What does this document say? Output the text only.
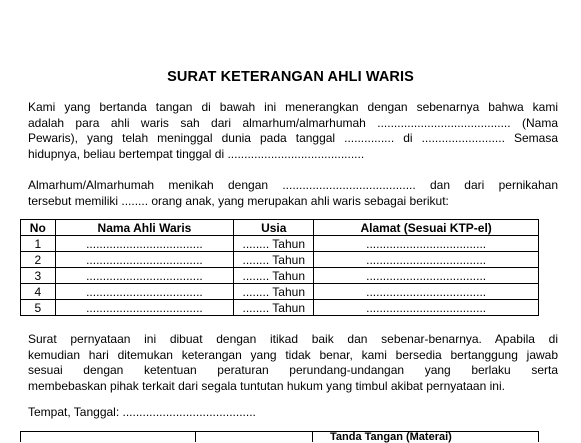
SURAT KETERANGAN AHLI WARIS
Kami yang bertanda tangan di bawah ini menerangkan dengan sebenarnya bahwa kami
adalah para ahli waris sah dari almarhum/almarhumah ........................................ (Nama
Pewaris), yang telah meninggal dunia pada tanggal ............... di ......................... Semasa
hidupnya, beliau bertempat tinggal di .........................................
Almarhum/Almarhumah menikah dengan ........................................ dan dari pernikahan
tersebut memiliki ........ orang anak, yang merupakan ahli waris sebagai berikut:
No	Nama Ahli Waris	Usia	Alamat (Sesuai KTP-el)
1	...................................	........ Tahun	....................................
2	...................................	........ Tahun	....................................
3	...................................	........ Tahun	....................................
4	...................................	........ Tahun	....................................
5	...................................	........ Tahun	....................................
Surat pernyataan ini dibuat dengan itikad baik dan sebenar-benarnya. Apabila di
kemudian hari ditemukan keterangan yang tidak benar, kami bersedia bertanggung jawab
sesuai dengan ketentuan peraturan perundang-undangan yang berlaku serta
membebaskan pihak terkait dari segala tuntutan hukum yang timbul akibat pernyataan ini.
Tempat, Tanggal: ........................................
Tanda Tangan (Materai)
